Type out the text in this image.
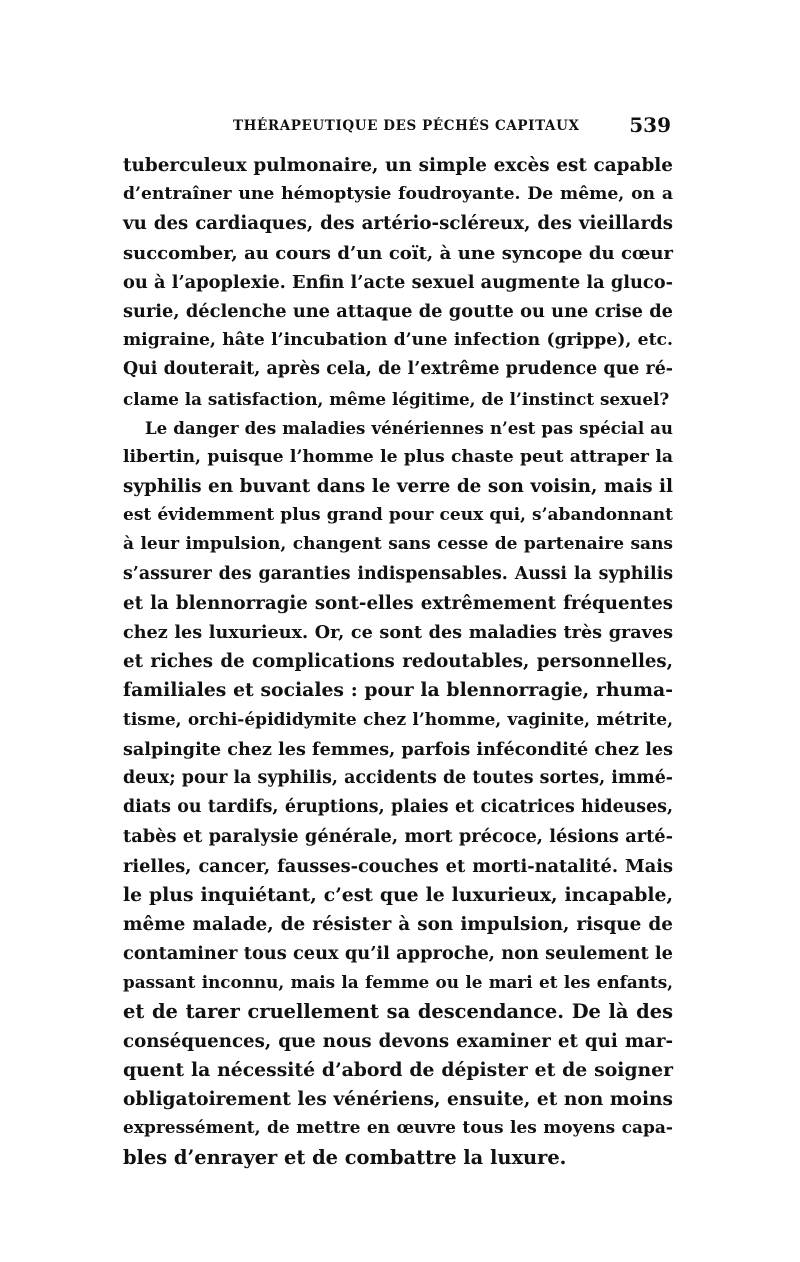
THÉRAPEUTIQUE DES PÉCHÉS CAPITAUX 539
tuberculeux pulmonaire, un simple excès est capable
d’entraîner une hémoptysie foudroyante. De même, on a
vu des cardiaques, des artério-scléreux, des vieillards
succomber, au cours d’un coït, à une syncope du cœur
ou à l’apoplexie. Enfin l’acte sexuel augmente la gluco-
surie, déclenche une attaque de goutte ou une crise de
migraine, hâte l’incubation d’une infection (grippe), etc.
Qui douterait, après cela, de l’extrême prudence que ré-
clame la satisfaction, même légitime, de l’instinct sexuel?
Le danger des maladies vénériennes n’est pas spécial au
libertin, puisque l’homme le plus chaste peut attraper la
syphilis en buvant dans le verre de son voisin, mais il
est évidemment plus grand pour ceux qui, s’abandonnant
à leur impulsion, changent sans cesse de partenaire sans
s’assurer des garanties indispensables. Aussi la syphilis
et la blennorragie sont-elles extrêmement fréquentes
chez les luxurieux. Or, ce sont des maladies très graves
et riches de complications redoutables, personnelles,
familiales et sociales : pour la blennorragie, rhuma-
tisme, orchi-épididymite chez l’homme, vaginite, métrite,
salpingite chez les femmes, parfois infécondité chez les
deux; pour la syphilis, accidents de toutes sortes, immé-
diats ou tardifs, éruptions, plaies et cicatrices hideuses,
tabès et paralysie générale, mort précoce, lésions arté-
rielles, cancer, fausses-couches et morti-natalité. Mais
le plus inquiétant, c’est que le luxurieux, incapable,
même malade, de résister à son impulsion, risque de
contaminer tous ceux qu’il approche, non seulement le
passant inconnu, mais la femme ou le mari et les enfants,
et de tarer cruellement sa descendance. De là des
conséquences, que nous devons examiner et qui mar-
quent la nécessité d’abord de dépister et de soigner
obligatoirement les vénériens, ensuite, et non moins
expressément, de mettre en œuvre tous les moyens capa-
bles d’enrayer et de combattre la luxure.
